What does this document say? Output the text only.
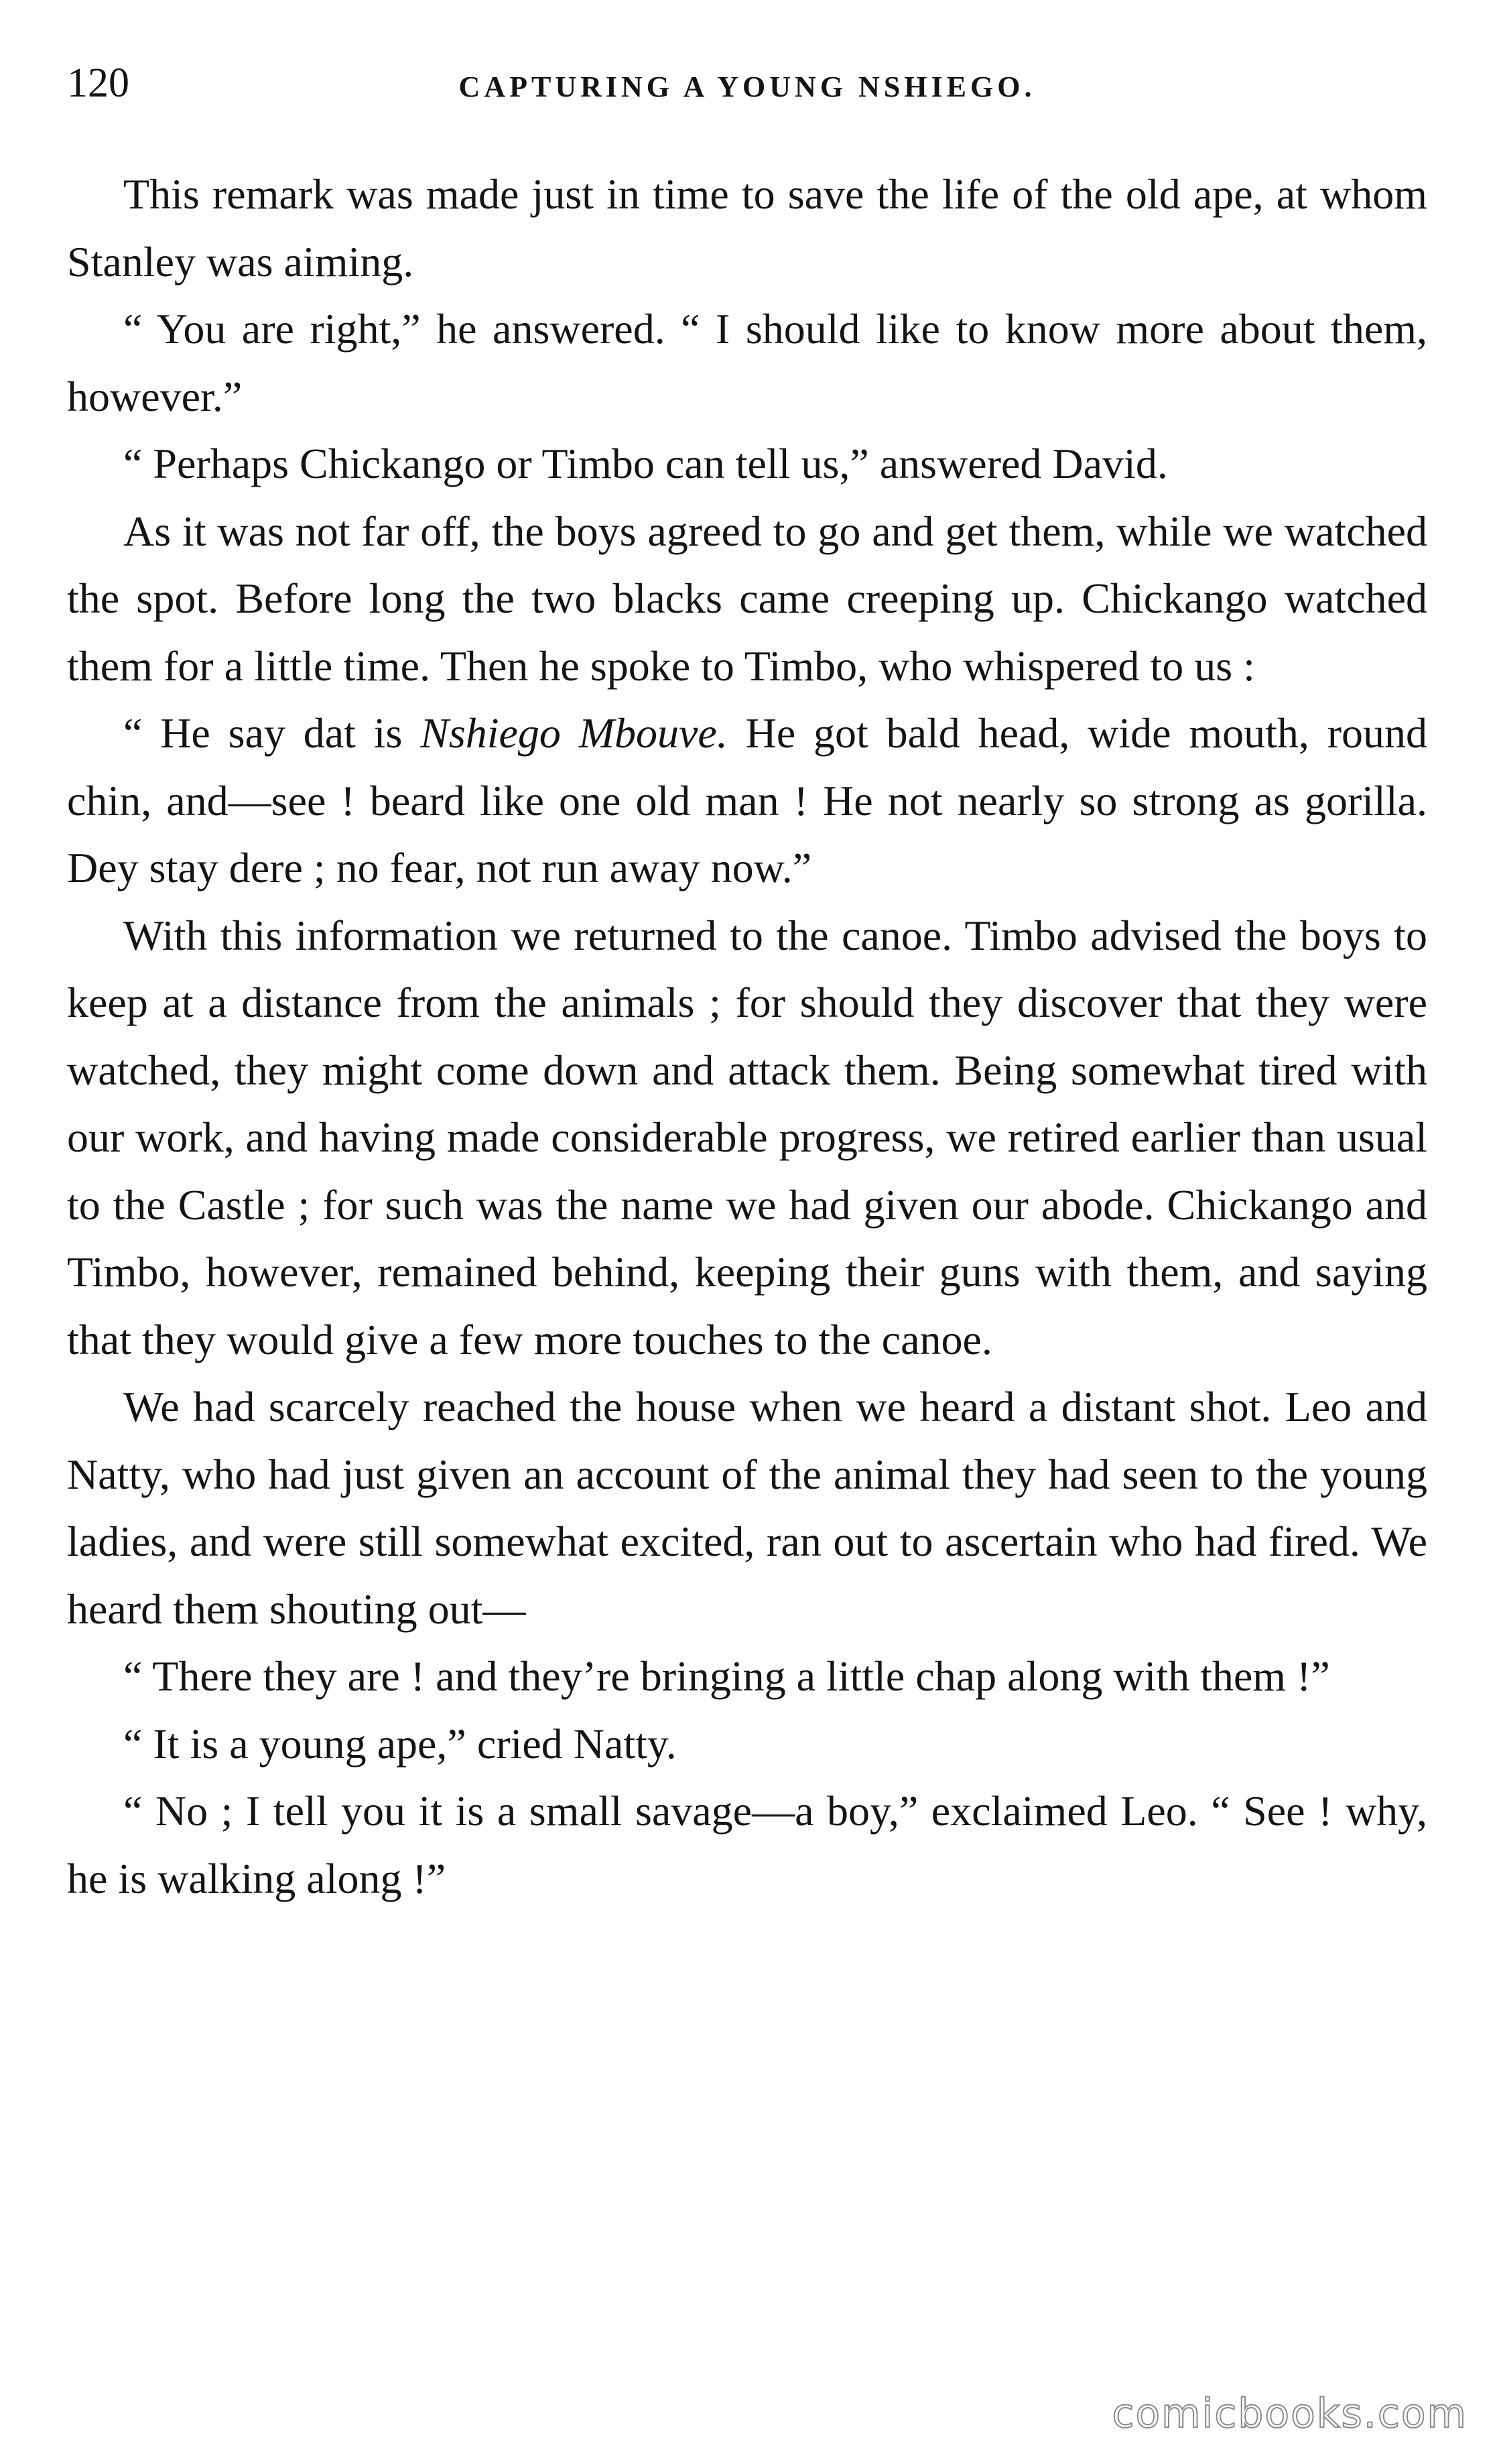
120	CAPTURING A YOUNG NSHIEGO.

This remark was made just in time to save the life of the old ape, at whom Stanley was aiming.

“ You are right,” he answered. “ I should like to know more about them, however.”

“ Perhaps Chickango or Timbo can tell us,” answered David.

As it was not far off, the boys agreed to go and get them, while we watched the spot. Before long the two blacks came creeping up. Chickango watched them for a little time. Then he spoke to Timbo, who whispered to us :

“ He say dat is Nshiego Mbouve. He got bald head, wide mouth, round chin, and—see ! beard like one old man ! He not nearly so strong as gorilla. Dey stay dere ; no fear, not run away now.”

With this information we returned to the canoe. Timbo advised the boys to keep at a distance from the animals ; for should they discover that they were watched, they might come down and attack them. Being somewhat tired with our work, and having made considerable progress, we retired earlier than usual to the Castle ; for such was the name we had given our abode. Chickango and Timbo, however, remained behind, keeping their guns with them, and saying that they would give a few more touches to the canoe.

We had scarcely reached the house when we heard a distant shot. Leo and Natty, who had just given an account of the animal they had seen to the young ladies, and were still somewhat excited, ran out to ascertain who had fired. We heard them shouting out—

“ There they are ! and they’re bringing a little chap along with them !”

“ It is a young ape,” cried Natty.

“ No ; I tell you it is a small savage—a boy,” exclaimed Leo. “ See ! why, he is walking along !”

comicbooks.com
